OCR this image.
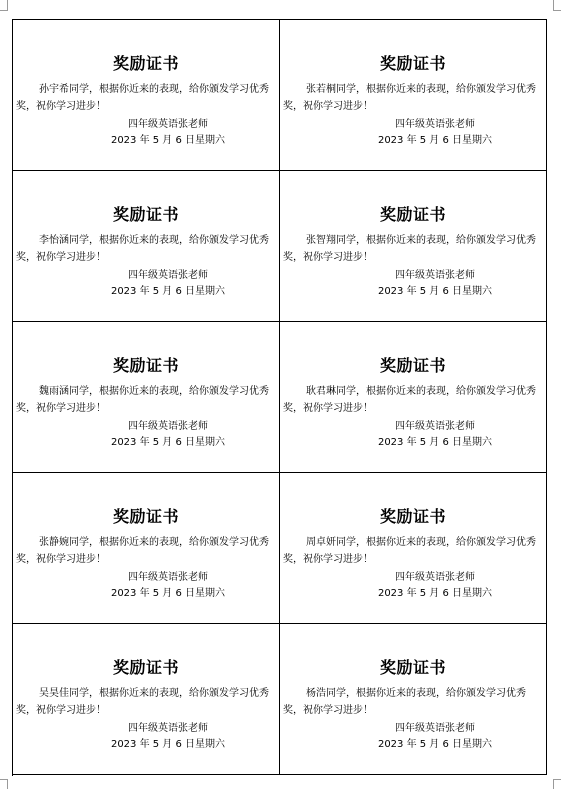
奖励证书
孙宇希同学，根据你近来的表现，给你颁发学习优秀奖，祝你学习进步！
四年级英语张老师
2023 年 5 月 6 日星期六
奖励证书
张若桐同学，根据你近来的表现，给你颁发学习优秀奖，祝你学习进步！
四年级英语张老师
2023 年 5 月 6 日星期六
奖励证书
李怡涵同学，根据你近来的表现，给你颁发学习优秀奖，祝你学习进步！
四年级英语张老师
2023 年 5 月 6 日星期六
奖励证书
张智翔同学，根据你近来的表现，给你颁发学习优秀奖，祝你学习进步！
四年级英语张老师
2023 年 5 月 6 日星期六
奖励证书
魏雨涵同学，根据你近来的表现，给你颁发学习优秀奖，祝你学习进步！
四年级英语张老师
2023 年 5 月 6 日星期六
奖励证书
耿君琳同学，根据你近来的表现，给你颁发学习优秀奖，祝你学习进步！
四年级英语张老师
2023 年 5 月 6 日星期六
奖励证书
张静婉同学，根据你近来的表现，给你颁发学习优秀奖，祝你学习进步！
四年级英语张老师
2023 年 5 月 6 日星期六
奖励证书
周卓妍同学，根据你近来的表现，给你颁发学习优秀奖，祝你学习进步！
四年级英语张老师
2023 年 5 月 6 日星期六
奖励证书
吴昊佳同学，根据你近来的表现，给你颁发学习优秀奖，祝你学习进步！
四年级英语张老师
2023 年 5 月 6 日星期六
奖励证书
杨浩同学，根据你近来的表现，给你颁发学习优秀奖，祝你学习进步！
四年级英语张老师
2023 年 5 月 6 日星期六
